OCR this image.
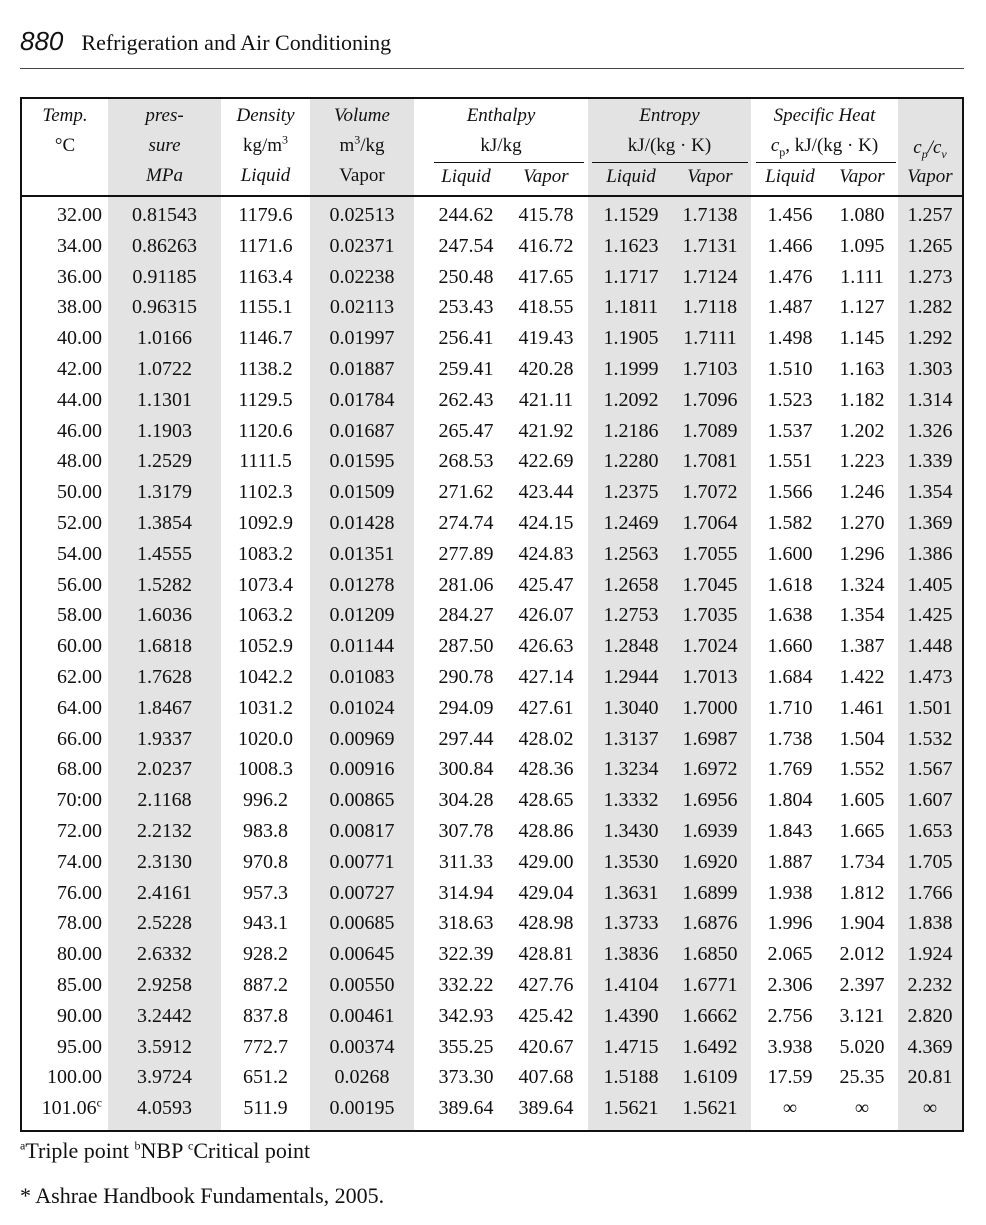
880 Refrigeration and Air Conditioning
Temp.
°C
pres-
sure
MPa
Density
$kg/m^3$
Liquid
Volume
$m^3/kg$
Vapor
Enthalpy
kJ/kg
Liquid	Vapor
Entropy
kJ/(kg · K)
Liquid	Vapor
Specific Heat
$c_p$, kJ/(kg · K)
Liquid	Vapor
$c_p/c_v$
Vapor
32.00	0.81543	1179.6	0.02513	244.62	415.78	1.1529	1.7138	1.456	1.080	1.257
34.00	0.86263	1171.6	0.02371	247.54	416.72	1.1623	1.7131	1.466	1.095	1.265
36.00	0.91185	1163.4	0.02238	250.48	417.65	1.1717	1.7124	1.476	1.111	1.273
38.00	0.96315	1155.1	0.02113	253.43	418.55	1.1811	1.7118	1.487	1.127	1.282
40.00	1.0166	1146.7	0.01997	256.41	419.43	1.1905	1.7111	1.498	1.145	1.292
42.00	1.0722	1138.2	0.01887	259.41	420.28	1.1999	1.7103	1.510	1.163	1.303
44.00	1.1301	1129.5	0.01784	262.43	421.11	1.2092	1.7096	1.523	1.182	1.314
46.00	1.1903	1120.6	0.01687	265.47	421.92	1.2186	1.7089	1.537	1.202	1.326
48.00	1.2529	1111.5	0.01595	268.53	422.69	1.2280	1.7081	1.551	1.223	1.339
50.00	1.3179	1102.3	0.01509	271.62	423.44	1.2375	1.7072	1.566	1.246	1.354
52.00	1.3854	1092.9	0.01428	274.74	424.15	1.2469	1.7064	1.582	1.270	1.369
54.00	1.4555	1083.2	0.01351	277.89	424.83	1.2563	1.7055	1.600	1.296	1.386
56.00	1.5282	1073.4	0.01278	281.06	425.47	1.2658	1.7045	1.618	1.324	1.405
58.00	1.6036	1063.2	0.01209	284.27	426.07	1.2753	1.7035	1.638	1.354	1.425
60.00	1.6818	1052.9	0.01144	287.50	426.63	1.2848	1.7024	1.660	1.387	1.448
62.00	1.7628	1042.2	0.01083	290.78	427.14	1.2944	1.7013	1.684	1.422	1.473
64.00	1.8467	1031.2	0.01024	294.09	427.61	1.3040	1.7000	1.710	1.461	1.501
66.00	1.9337	1020.0	0.00969	297.44	428.02	1.3137	1.6987	1.738	1.504	1.532
68.00	2.0237	1008.3	0.00916	300.84	428.36	1.3234	1.6972	1.769	1.552	1.567
70:00	2.1168	996.2	0.00865	304.28	428.65	1.3332	1.6956	1.804	1.605	1.607
72.00	2.2132	983.8	0.00817	307.78	428.86	1.3430	1.6939	1.843	1.665	1.653
74.00	2.3130	970.8	0.00771	311.33	429.00	1.3530	1.6920	1.887	1.734	1.705
76.00	2.4161	957.3	0.00727	314.94	429.04	1.3631	1.6899	1.938	1.812	1.766
78.00	2.5228	943.1	0.00685	318.63	428.98	1.3733	1.6876	1.996	1.904	1.838
80.00	2.6332	928.2	0.00645	322.39	428.81	1.3836	1.6850	2.065	2.012	1.924
85.00	2.9258	887.2	0.00550	332.22	427.76	1.4104	1.6771	2.306	2.397	2.232
90.00	3.2442	837.8	0.00461	342.93	425.42	1.4390	1.6662	2.756	3.121	2.820
95.00	3.5912	772.7	0.00374	355.25	420.67	1.4715	1.6492	3.938	5.020	4.369
100.00	3.9724	651.2	0.0268	373.30	407.68	1.5188	1.6109	17.59	25.35	20.81
101.06$^c$	4.0593	511.9	0.00195	389.64	389.64	1.5621	1.5621	∞	∞	∞
$^a$Triple point $^b$NBP $^c$Critical point
* Ashrae Handbook Fundamentals, 2005.
